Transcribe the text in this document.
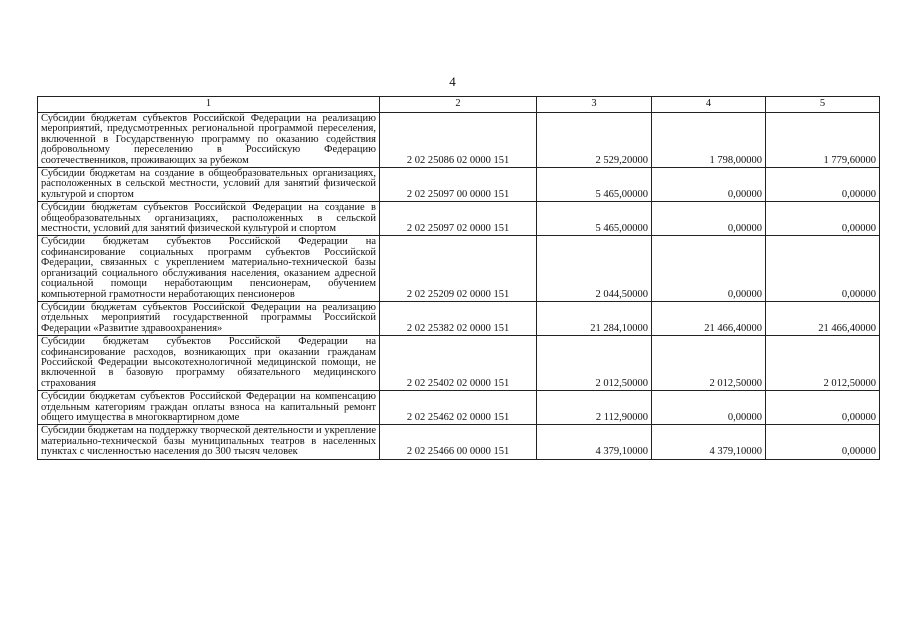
4
1	2	3	4	5
Субсидии бюджетам субъектов Российской Федерации на реализацию мероприятий, предусмотренных региональной программой переселения, включенной в Государственную программу по оказанию содействия добровольному переселению в Российскую Федерацию соотечественников, проживающих за рубежом	2 02 25086 02 0000 151	2 529,20000	1 798,00000	1 779,60000
Субсидии бюджетам на создание в общеобразовательных организациях, расположенных в сельской местности, условий для занятий физической культурой и спортом	2 02 25097 00 0000 151	5 465,00000	0,00000	0,00000
Субсидии бюджетам субъектов Российской Федерации на создание в общеобразовательных организациях, расположенных в сельской местности, условий для занятий физической культурой и спортом	2 02 25097 02 0000 151	5 465,00000	0,00000	0,00000
Субсидии бюджетам субъектов Российской Федерации на софинансирование социальных программ субъектов Российской Федерации, связанных с укреплением материально-технической базы организаций социального обслуживания населения, оказанием адресной социальной помощи неработающим пенсионерам, обучением компьютерной грамотности неработающих пенсионеров	2 02 25209 02 0000 151	2 044,50000	0,00000	0,00000
Субсидии бюджетам субъектов Российской Федерации на реализацию отдельных мероприятий государственной программы Российской Федерации «Развитие здравоохранения»	2 02 25382 02 0000 151	21 284,10000	21 466,40000	21 466,40000
Субсидии бюджетам субъектов Российской Федерации на софинансирование расходов, возникающих при оказании гражданам Российской Федерации высокотехнологичной медицинской помощи, не включенной в базовую программу обязательного медицинского страхования	2 02 25402 02 0000 151	2 012,50000	2 012,50000	2 012,50000
Субсидии бюджетам субъектов Российской Федерации на компенсацию отдельным категориям граждан оплаты взноса на капитальный ремонт общего имущества в многоквартирном доме	2 02 25462 02 0000 151	2 112,90000	0,00000	0,00000
Субсидии бюджетам на поддержку творческой деятельности и укрепление материально-технической базы муниципальных театров в населенных пунктах с численностью населения до 300 тысяч человек	2 02 25466 00 0000 151	4 379,10000	4 379,10000	0,00000
